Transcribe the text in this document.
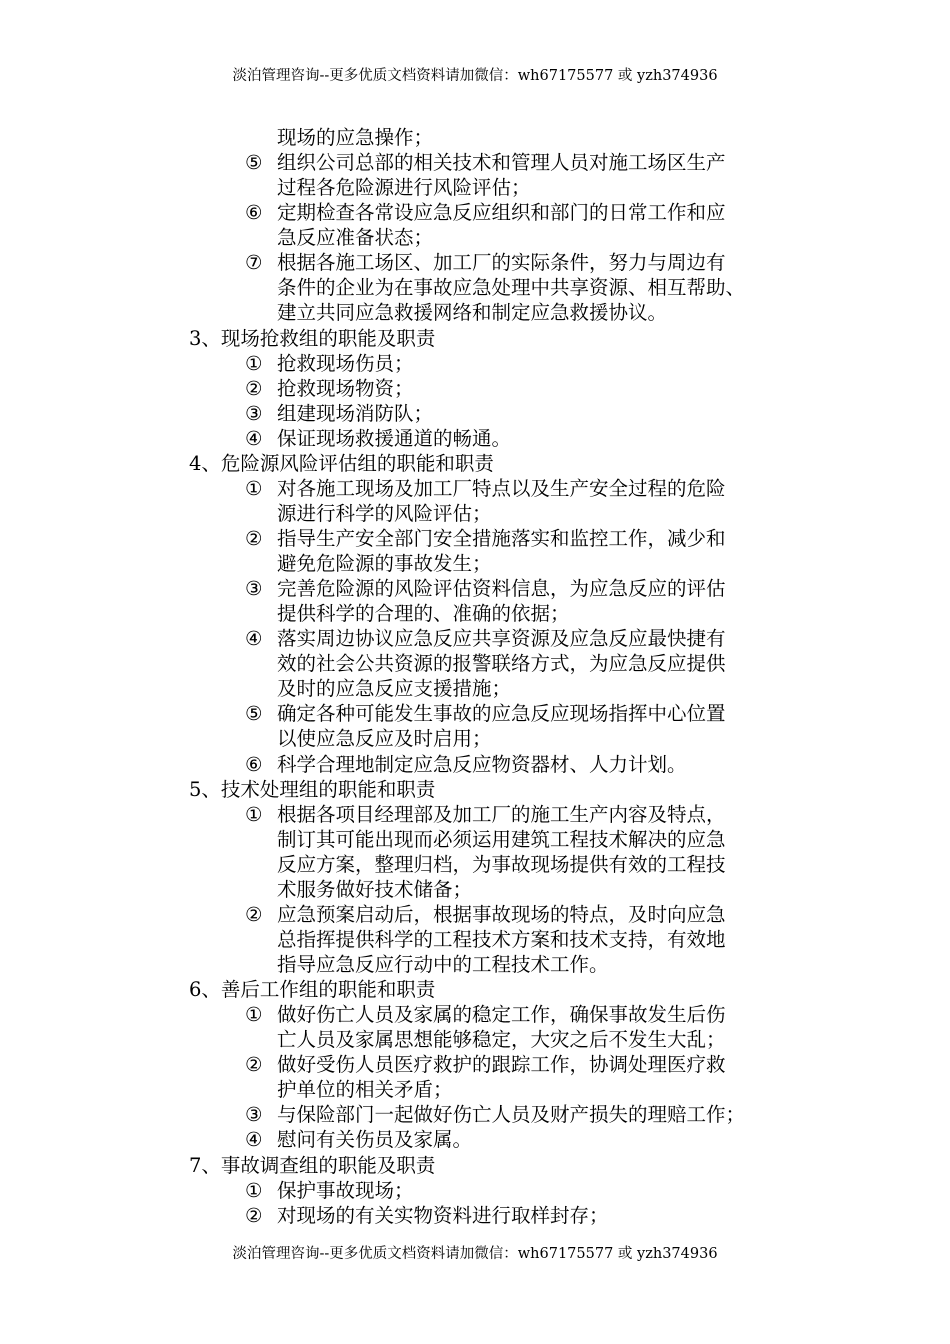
淡泊管理咨询--更多优质文档资料请加微信：wh67175577 或 yzh374936
现场的应急操作；
⑤ 组织公司总部的相关技术和管理人员对施工场区生产
过程各危险源进行风险评估；
⑥ 定期检查各常设应急反应组织和部门的日常工作和应
急反应准备状态；
⑦ 根据各施工场区、加工厂的实际条件，努力与周边有
条件的企业为在事故应急处理中共享资源、相互帮助、
建立共同应急救援网络和制定应急救援协议。
3、现场抢救组的职能及职责
① 抢救现场伤员；
② 抢救现场物资；
③ 组建现场消防队；
④ 保证现场救援通道的畅通。
4、危险源风险评估组的职能和职责
① 对各施工现场及加工厂特点以及生产安全过程的危险
源进行科学的风险评估；
② 指导生产安全部门安全措施落实和监控工作，减少和
避免危险源的事故发生；
③ 完善危险源的风险评估资料信息，为应急反应的评估
提供科学的合理的、准确的依据；
④ 落实周边协议应急反应共享资源及应急反应最快捷有
效的社会公共资源的报警联络方式，为应急反应提供
及时的应急反应支援措施；
⑤ 确定各种可能发生事故的应急反应现场指挥中心位置
以使应急反应及时启用；
⑥ 科学合理地制定应急反应物资器材、人力计划。
5、技术处理组的职能和职责
① 根据各项目经理部及加工厂的施工生产内容及特点，
制订其可能出现而必须运用建筑工程技术解决的应急
反应方案，整理归档，为事故现场提供有效的工程技
术服务做好技术储备；
② 应急预案启动后，根据事故现场的特点，及时向应急
总指挥提供科学的工程技术方案和技术支持，有效地
指导应急反应行动中的工程技术工作。
6、善后工作组的职能和职责
① 做好伤亡人员及家属的稳定工作，确保事故发生后伤
亡人员及家属思想能够稳定，大灾之后不发生大乱；
② 做好受伤人员医疗救护的跟踪工作，协调处理医疗救
护单位的相关矛盾；
③ 与保险部门一起做好伤亡人员及财产损失的理赔工作；
④ 慰问有关伤员及家属。
7、事故调查组的职能及职责
① 保护事故现场；
② 对现场的有关实物资料进行取样封存；
淡泊管理咨询--更多优质文档资料请加微信：wh67175577 或 yzh374936
